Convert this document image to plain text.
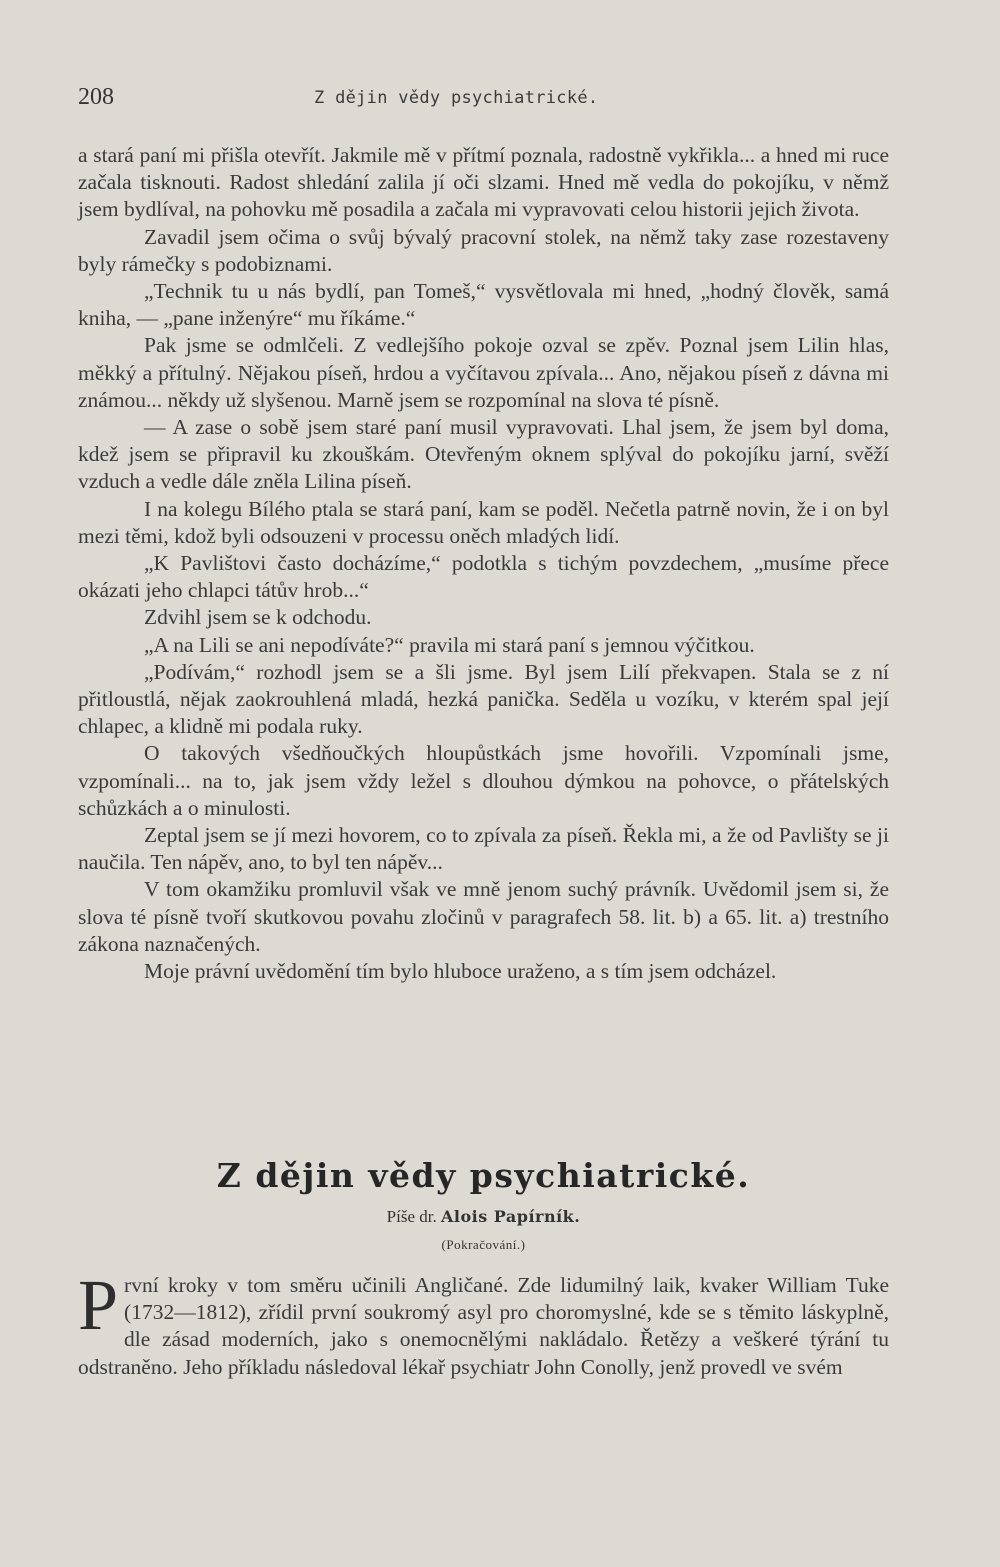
208	Z dějin vědy psychiatrické.

a stará paní mi přišla otevřít. Jakmile mě v přítmí poznala, radostně vykřikla... a hned mi ruce začala tisknouti. Radost shledání zalila jí oči slzami. Hned mě vedla do pokojíku, v němž jsem bydlíval, na pohovku mě posadila a začala mi vypravovati celou historii jejich života.

Zavadil jsem očima o svůj bývalý pracovní stolek, na němž taky zase rozestaveny byly rámečky s podobiznami.

„Technik tu u nás bydlí, pan Tomeš,“ vysvětlovala mi hned, „hodný člověk, samá kniha, — „pane inženýre“ mu říkáme.“

Pak jsme se odmlčeli. Z vedlejšího pokoje ozval se zpěv. Poznal jsem Lilin hlas, měkký a přítulný. Nějakou píseň, hrdou a vyčítavou zpívala... Ano, nějakou píseň z dávna mi známou... někdy už slyšenou. Marně jsem se rozpomínal na slova té písně.

— A zase o sobě jsem staré paní musil vypravovati. Lhal jsem, že jsem byl doma, kdež jsem se připravil ku zkouškám. Otevřeným oknem splýval do pokojíku jarní, svěží vzduch a vedle dále zněla Lilina píseň.

I na kolegu Bílého ptala se stará paní, kam se poděl. Nečetla patrně novin, že i on byl mezi těmi, kdož byli odsouzeni v processu oněch mladých lidí.

„K Pavlištovi často docházíme,“ podotkla s tichým povzdechem, „musíme přece okázati jeho chlapci tátův hrob...“

Zdvihl jsem se k odchodu.

„A na Lili se ani nepodíváte?“ pravila mi stará paní s jemnou výčitkou.

„Podívám,“ rozhodl jsem se a šli jsme. Byl jsem Lilí překvapen. Stala se z ní přitloustlá, nějak zaokrouhlená mladá, hezká panička. Seděla u vozíku, v kterém spal její chlapec, a klidně mi podala ruky.

O takových všedňoučkých hloupůstkách jsme hovořili. Vzpomínali jsme, vzpomínali... na to, jak jsem vždy ležel s dlouhou dýmkou na pohovce, o přátelských schůzkách a o minulosti.

Zeptal jsem se jí mezi hovorem, co to zpívala za píseň. Řekla mi, a že od Pavlišty se ji naučila. Ten nápěv, ano, to byl ten nápěv...

V tom okamžiku promluvil však ve mně jenom suchý právník. Uvědomil jsem si, že slova té písně tvoří skutkovou povahu zločinů v paragrafech 58. lit. b) a 65. lit. a) trestního zákona naznačených.

Moje právní uvědomění tím bylo hluboce uraženo, a s tím jsem odcházel.

Z dějin vědy psychiatrické.
Píše dr. Alois Papírník.
(Pokračování.)
P rvní kroky v tom směru učinili Angličané. Zde lidumilný laik, kvaker William Tuke (1732—1812), zřídil první soukromý asyl pro choromyslné, kde se s těmito láskyplně, dle zásad moderních, jako s onemocnělými nakládalo. Řetězy a veškeré týrání tu odstraněno. Jeho příkladu následoval lékař psychiatr John Conolly, jenž provedl ve svém
